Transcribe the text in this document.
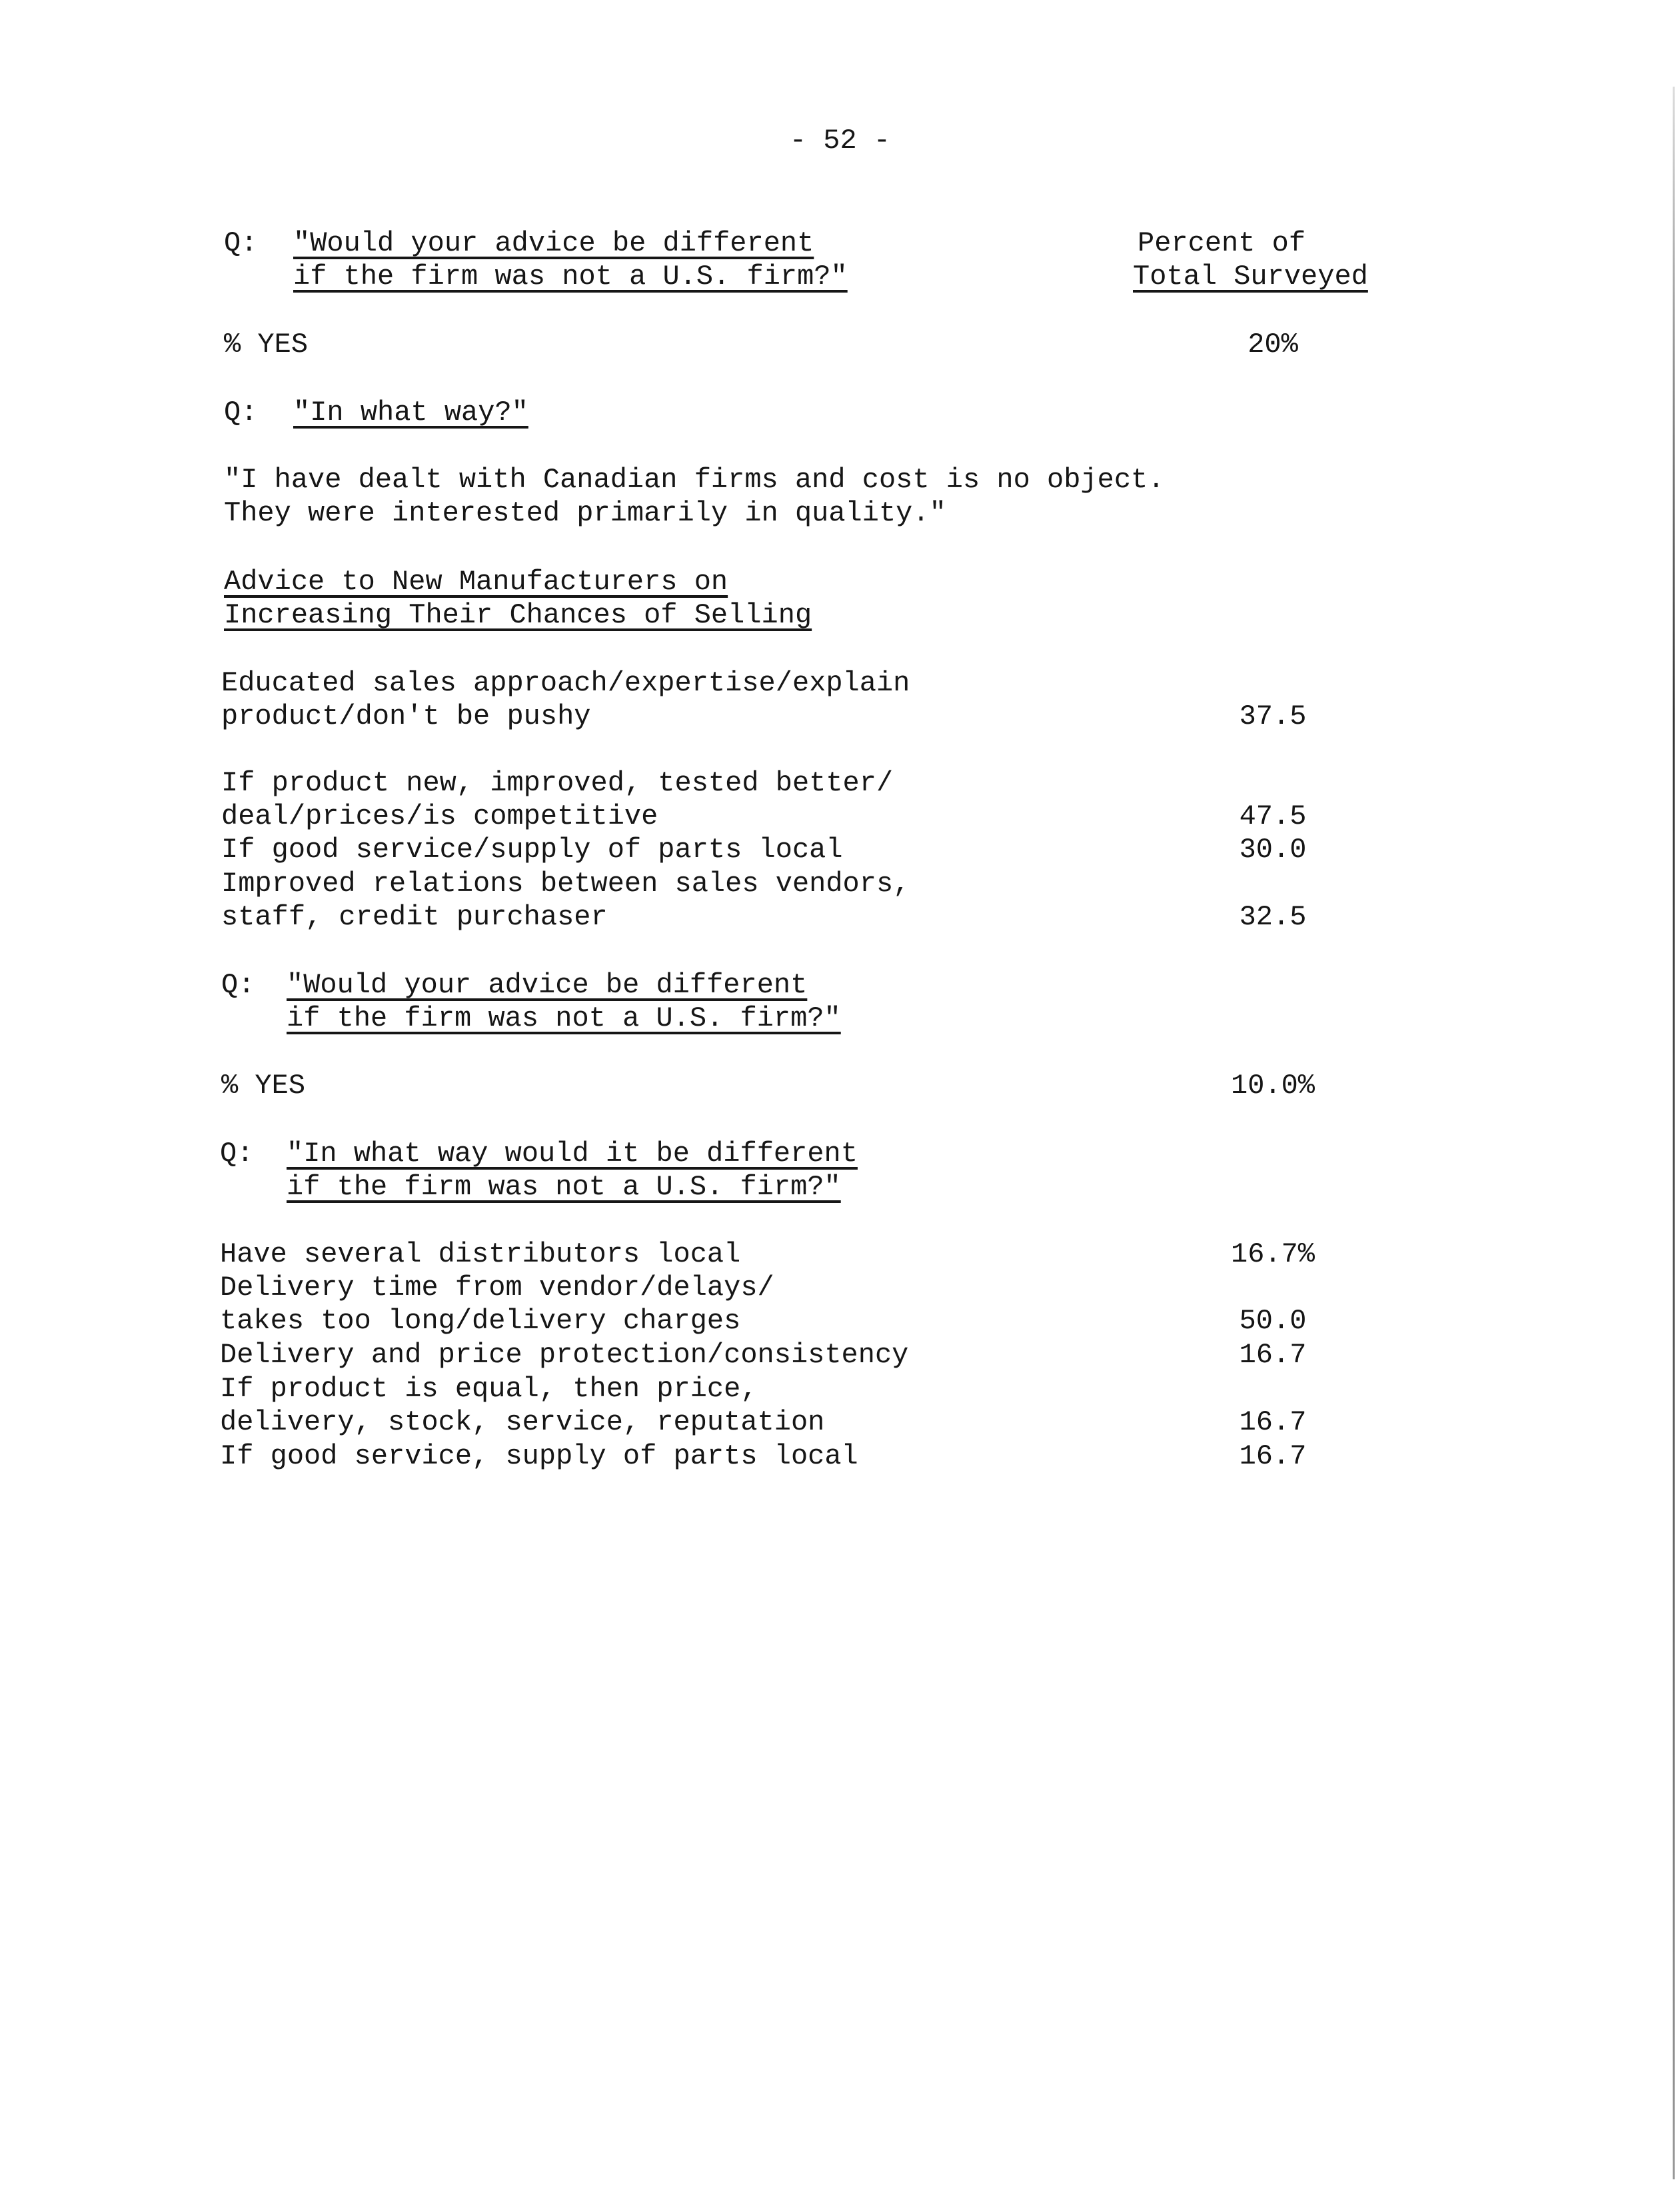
- 52 -
Percent of
Total Surveyed
Q: "Would your advice be different
if the firm was not a U.S. firm?"
% YES	20%
Q: "In what way?"
"I have dealt with Canadian firms and cost is no object.
They were interested primarily in quality."
Advice to New Manufacturers on
Increasing Their Chances of Selling
Educated sales approach/expertise/explain
product/don't be pushy	37.5
If product new, improved, tested better/
deal/prices/is competitive	47.5
If good service/supply of parts local	30.0
Improved relations between sales vendors,
staff, credit purchaser	32.5
Q: "Would your advice be different
if the firm was not a U.S. firm?"
% YES	10.0%
Q: "In what way would it be different
if the firm was not a U.S. firm?"
Have several distributors local	16.7%
Delivery time from vendor/delays/
takes too long/delivery charges	50.0
Delivery and price protection/consistency	16.7
If product is equal, then price,
delivery, stock, service, reputation	16.7
If good service, supply of parts local	16.7
